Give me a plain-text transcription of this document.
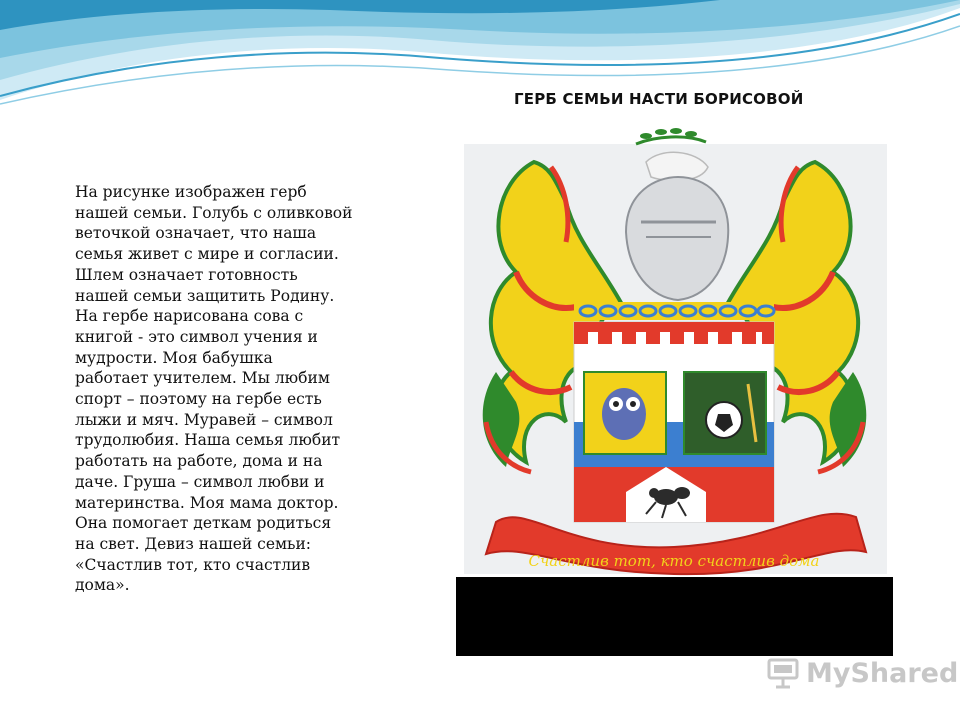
На рисунке изображен герб
нашей семьи. Голубь с оливковой
веточкой означает, что наша
семья живет с мире и согласии.
Шлем означает готовность
нашей семьи защитить Родину.
На гербе нарисована сова с
книгой - это символ учения и
мудрости. Моя бабушка
работает учителем. Мы любим
спорт – поэтому на гербе есть
лыжи и мяч. Муравей – символ
трудолюбия. Наша семья любит
работать на работе, дома и на
даче. Груша – символ любви и
материнства. Моя мама доктор.
Она помогает деткам родиться
на свет. Девиз нашей семьи:
«Счастлив тот, кто счастлив
дома».
ГЕРБ СЕМЬИ НАСТИ БОРИСОВОЙ
Счастлив тот, кто счастлив дома
MyShared
